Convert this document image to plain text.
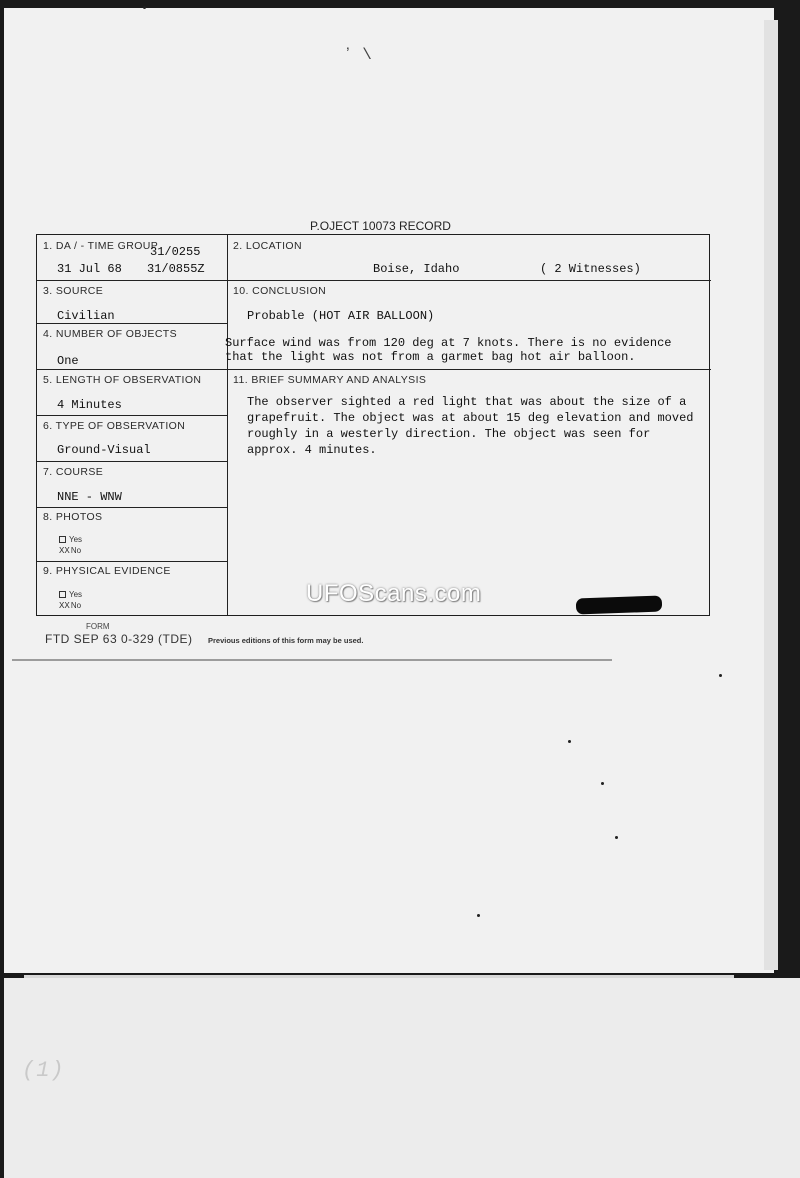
(1)
ʼ \
P.OJECT 10073 RECORD
1. DA / - TIME GROUP
31/0255
31 Jul 68 31/0855Z
2. LOCATION
Boise, Idaho	( 2 Witnesses)
3. SOURCE
Civilian
4. NUMBER OF OBJECTS
One
5. LENGTH OF OBSERVATION
4 Minutes
6. TYPE OF OBSERVATION
Ground-Visual
7. COURSE
NNE - WNW
8. PHOTOS
Yes
XXNo
9. PHYSICAL EVIDENCE
Yes
XXNo
10. CONCLUSION
Probable (HOT AIR BALLOON)
Surface wind was from 120 deg at 7 knots. There is no evidence
that the light was not from a garmet bag hot air balloon.
11. BRIEF SUMMARY AND ANALYSIS
The observer sighted a red light that was about the size of a grapefruit. The object was at about 15 deg elevation and moved roughly in a westerly direction. The object was seen for approx. 4 minutes.
UFOScans.com
FORM
FTD SEP 63 0-329 (TDE) Previous editions of this form may be used.
